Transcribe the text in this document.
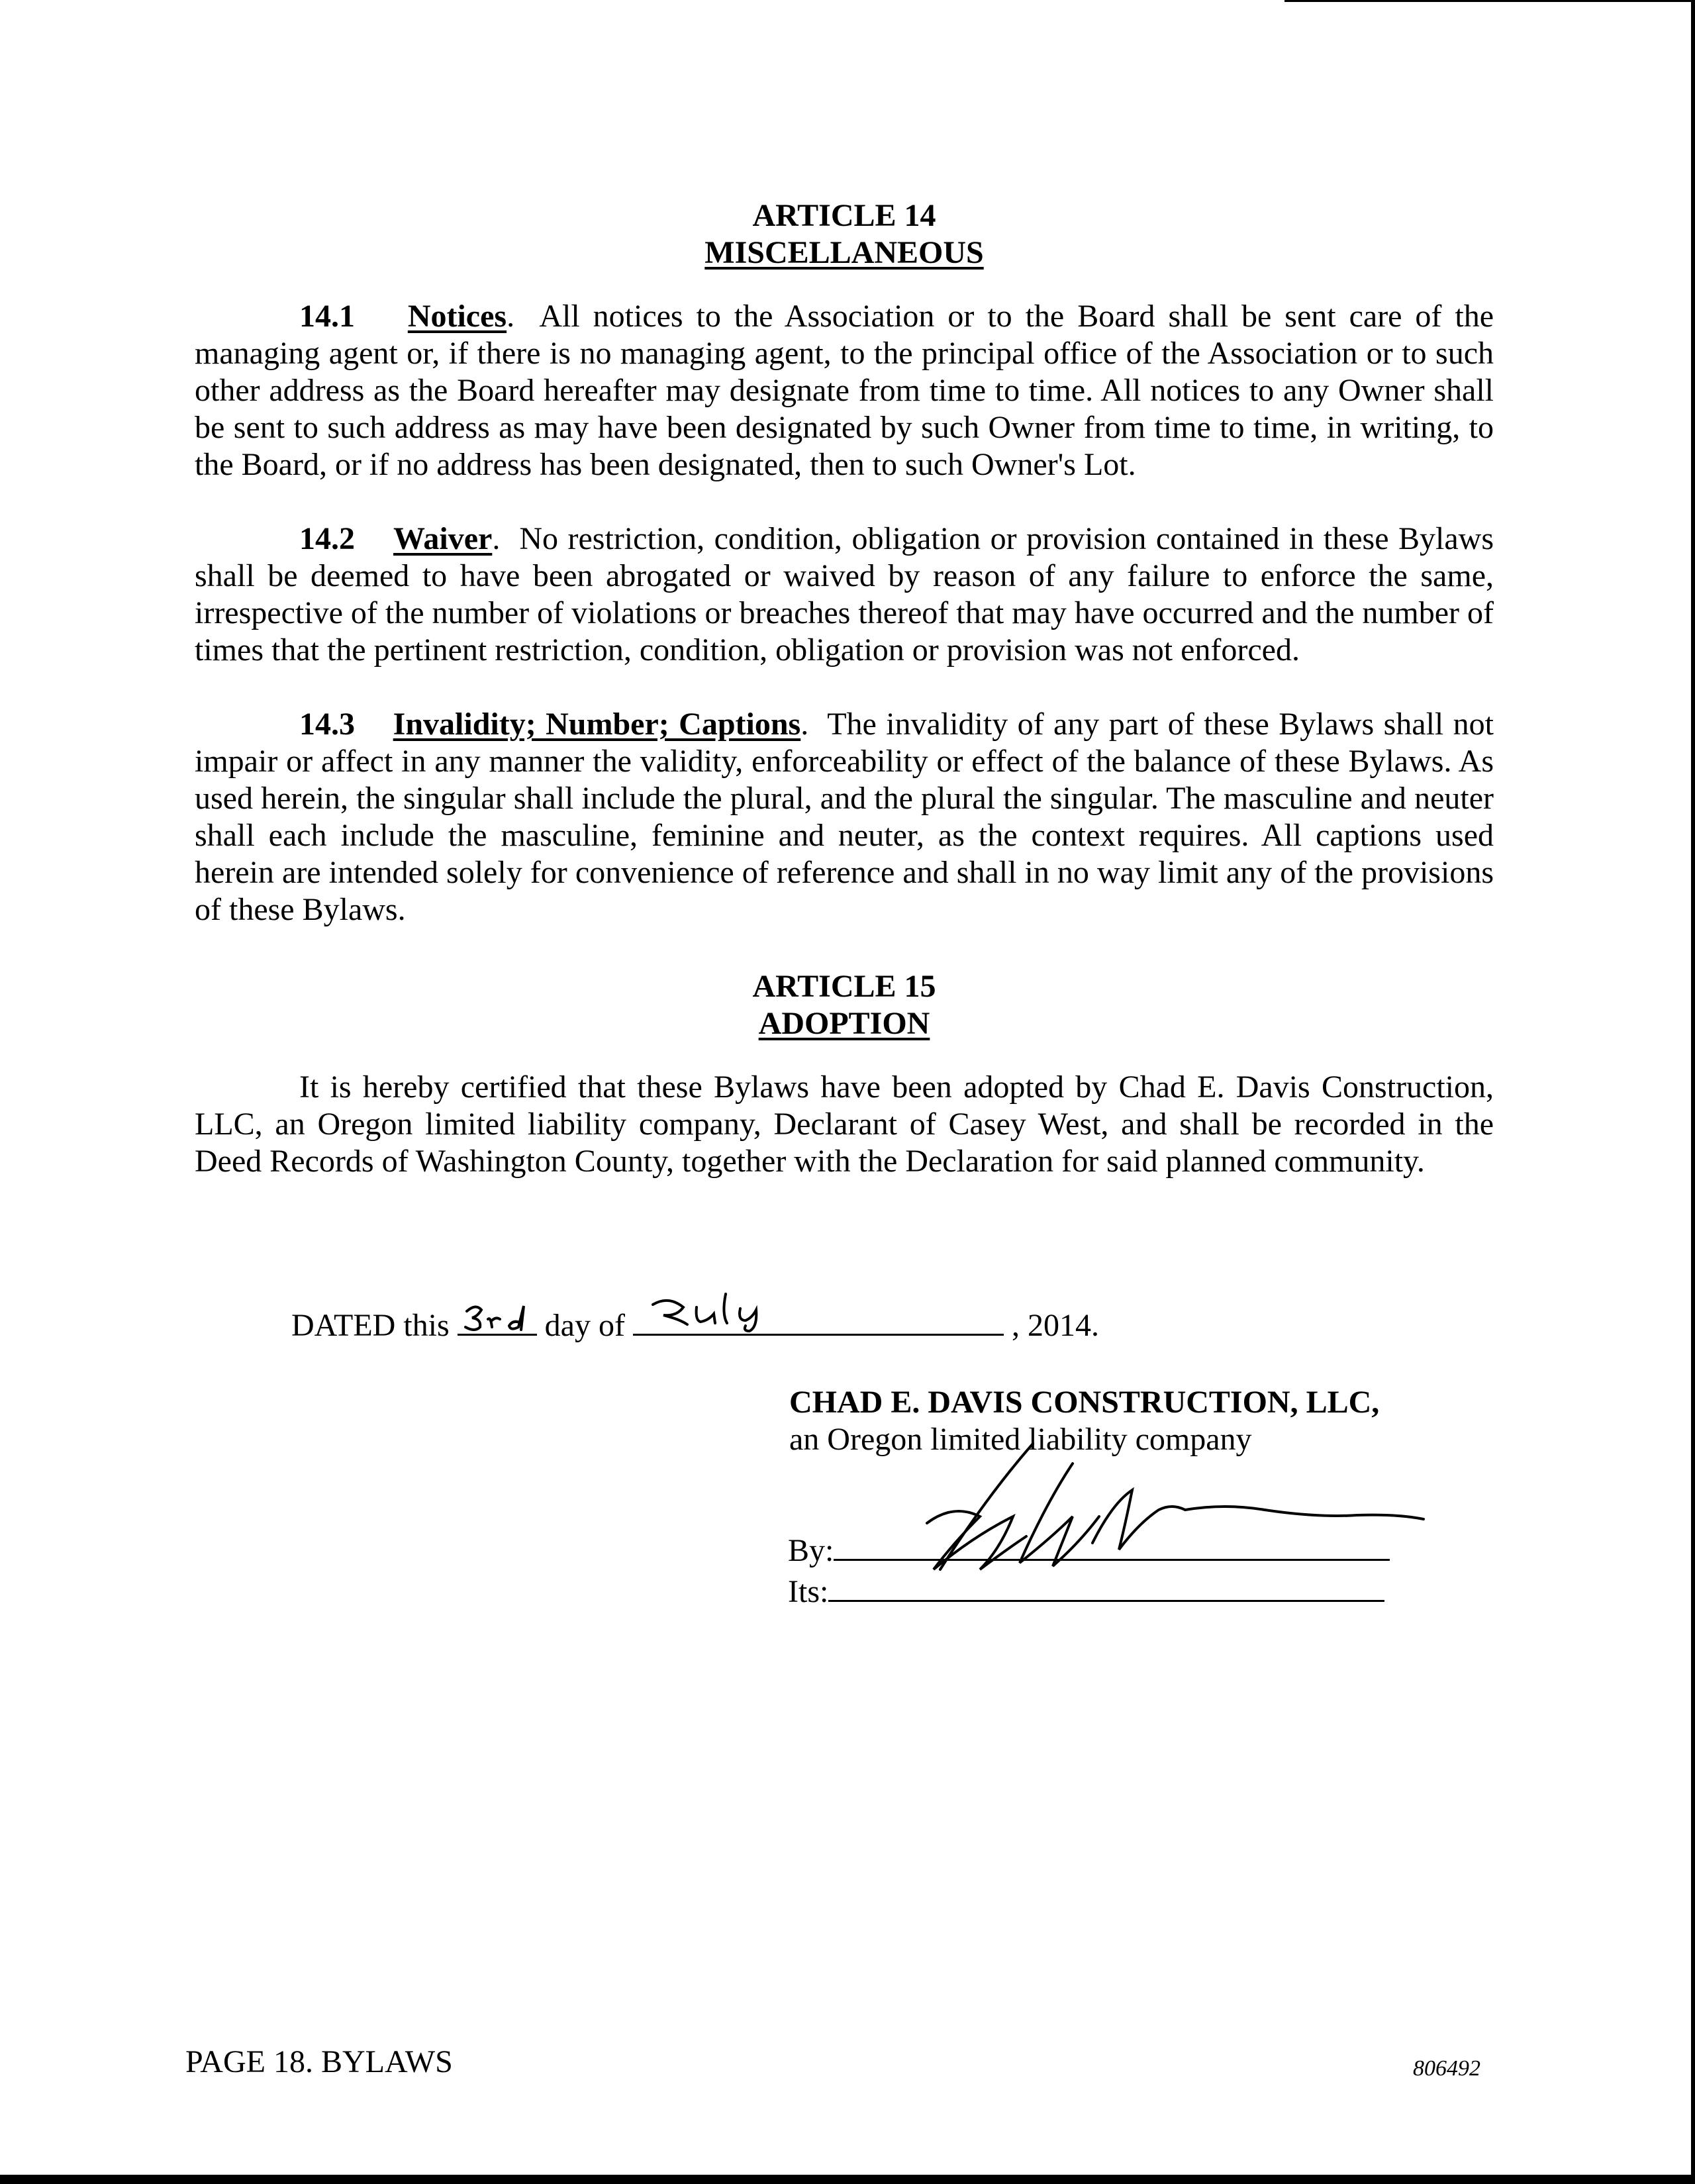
ARTICLE 14
MISCELLANEOUS

14.1 Notices.  All notices to the Association or to the Board shall be sent care of the managing agent or, if there is no managing agent, to the principal office of the Association or to such other address as the Board hereafter may designate from time to time. All notices to any Owner shall be sent to such address as may have been designated by such Owner from time to time, in writing, to the Board, or if no address has been designated, then to such Owner's Lot.

14.2 Waiver.  No restriction, condition, obligation or provision contained in these Bylaws shall be deemed to have been abrogated or waived by reason of any failure to enforce the same, irrespective of the number of violations or breaches thereof that may have occurred and the number of times that the pertinent restriction, condition, obligation or provision was not enforced.

14.3 Invalidity; Number; Captions.  The invalidity of any part of these Bylaws shall not impair or affect in any manner the validity, enforceability or effect of the balance of these Bylaws. As used herein, the singular shall include the plural, and the plural the singular. The masculine and neuter shall each include the masculine, feminine and neuter, as the context requires. All captions used herein are intended solely for convenience of reference and shall in no way limit any of the provisions of these Bylaws.

ARTICLE 15
ADOPTION

It is hereby certified that these Bylaws have been adopted by Chad E. Davis Construction, LLC, an Oregon limited liability company, Declarant of Casey West, and shall be recorded in the Deed Records of Washington County, together with the Declaration for said planned community.

DATED this	day of	, 2014.
CHAD E. DAVIS CONSTRUCTION, LLC,
an Oregon limited liability company
By:
Its:
PAGE 18. BYLAWS	806492
